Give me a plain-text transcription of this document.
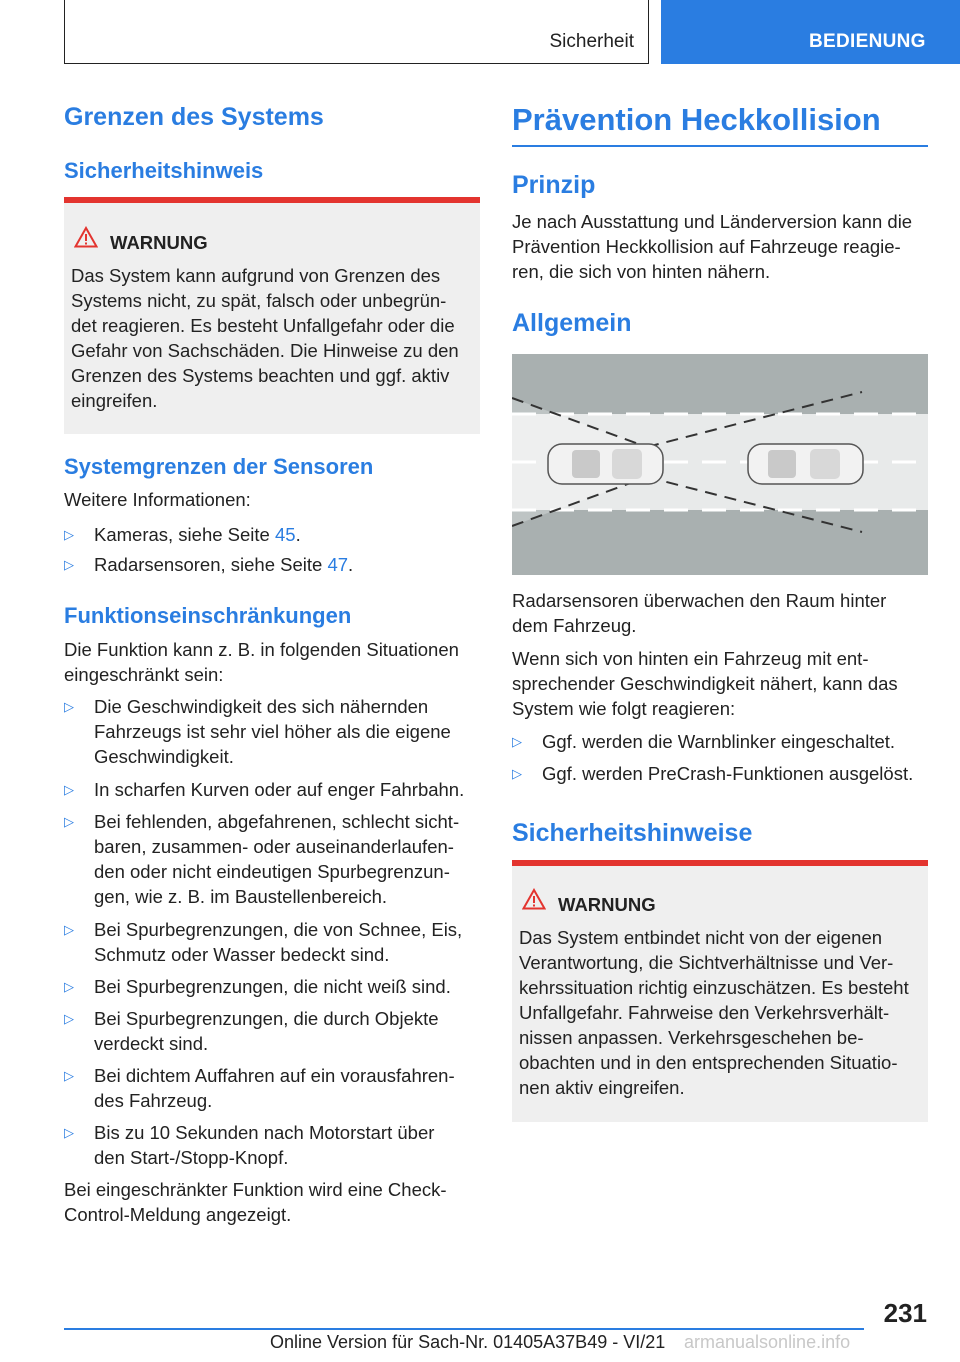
Sicherheit	BEDIENUNG
Grenzen des Systems
Sicherheitshinweis
WARNUNG
Das System kann aufgrund von Grenzen des
Systems nicht, zu spät, falsch oder unbegrün-
det reagieren. Es besteht Unfallgefahr oder die
Gefahr von Sachschäden. Die Hinweise zu den
Grenzen des Systems beachten und ggf. aktiv
eingreifen.
Systemgrenzen der Sensoren

Weitere Informationen:

▷ Kameras, siehe Seite 45.
▷ Radarsensoren, siehe Seite 47.
Funktionseinschränkungen
Die Funktion kann z. B. in folgenden Situationen
eingeschränkt sein:
▷ Die Geschwindigkeit des sich nähernden
Fahrzeugs ist sehr viel höher als die eigene
Geschwindigkeit.
▷ In scharfen Kurven oder auf enger Fahrbahn.
▷ Bei fehlenden, abgefahrenen, schlecht sicht-
baren, zusammen- oder auseinanderlaufen-
den oder nicht eindeutigen Spurbegrenzun-
gen, wie z. B. im Baustellenbereich.
▷ Bei Spurbegrenzungen, die von Schnee, Eis,
Schmutz oder Wasser bedeckt sind.
▷ Bei Spurbegrenzungen, die nicht weiß sind.
▷ Bei Spurbegrenzungen, die durch Objekte
verdeckt sind.
▷ Bei dichtem Auffahren auf ein vorausfahren-
des Fahrzeug.
▷ Bis zu 10 Sekunden nach Motorstart über
den Start-/Stopp-Knopf.
Bei eingeschränkter Funktion wird eine Check-
Control-Meldung angezeigt.
Prävention Heckkollision
Prinzip
Je nach Ausstattung und Länderversion kann die
Prävention Heckkollision auf Fahrzeuge reagie-
ren, die sich von hinten nähern.
Allgemein
Radarsensoren überwachen den Raum hinter
dem Fahrzeug.
Wenn sich von hinten ein Fahrzeug mit ent-
sprechender Geschwindigkeit nähert, kann das
System wie folgt reagieren:
▷ Ggf. werden die Warnblinker eingeschaltet.
▷ Ggf. werden PreCrash-Funktionen ausgelöst.
Sicherheitshinweise
WARNUNG
Das System entbindet nicht von der eigenen
Verantwortung, die Sichtverhältnisse und Ver-
kehrssituation richtig einzuschätzen. Es besteht
Unfallgefahr. Fahrweise den Verkehrsverhält-
nissen anpassen. Verkehrsgeschehen be-
obachten und in den entsprechenden Situatio-
nen aktiv eingreifen.
231
Online Version für Sach-Nr. 01405A37B49 - VI/21 armanualsonline.info
